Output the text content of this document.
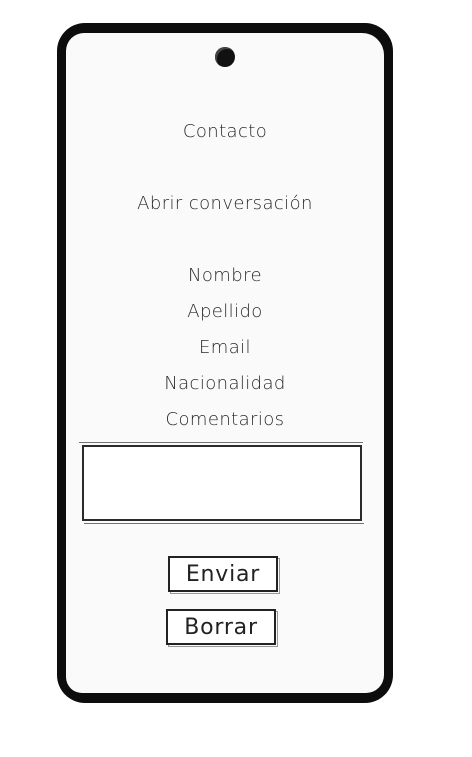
Contacto
Abrir conversación
Nombre
Apellido
Email
Nacionalidad
Comentarios
Enviar
Borrar
